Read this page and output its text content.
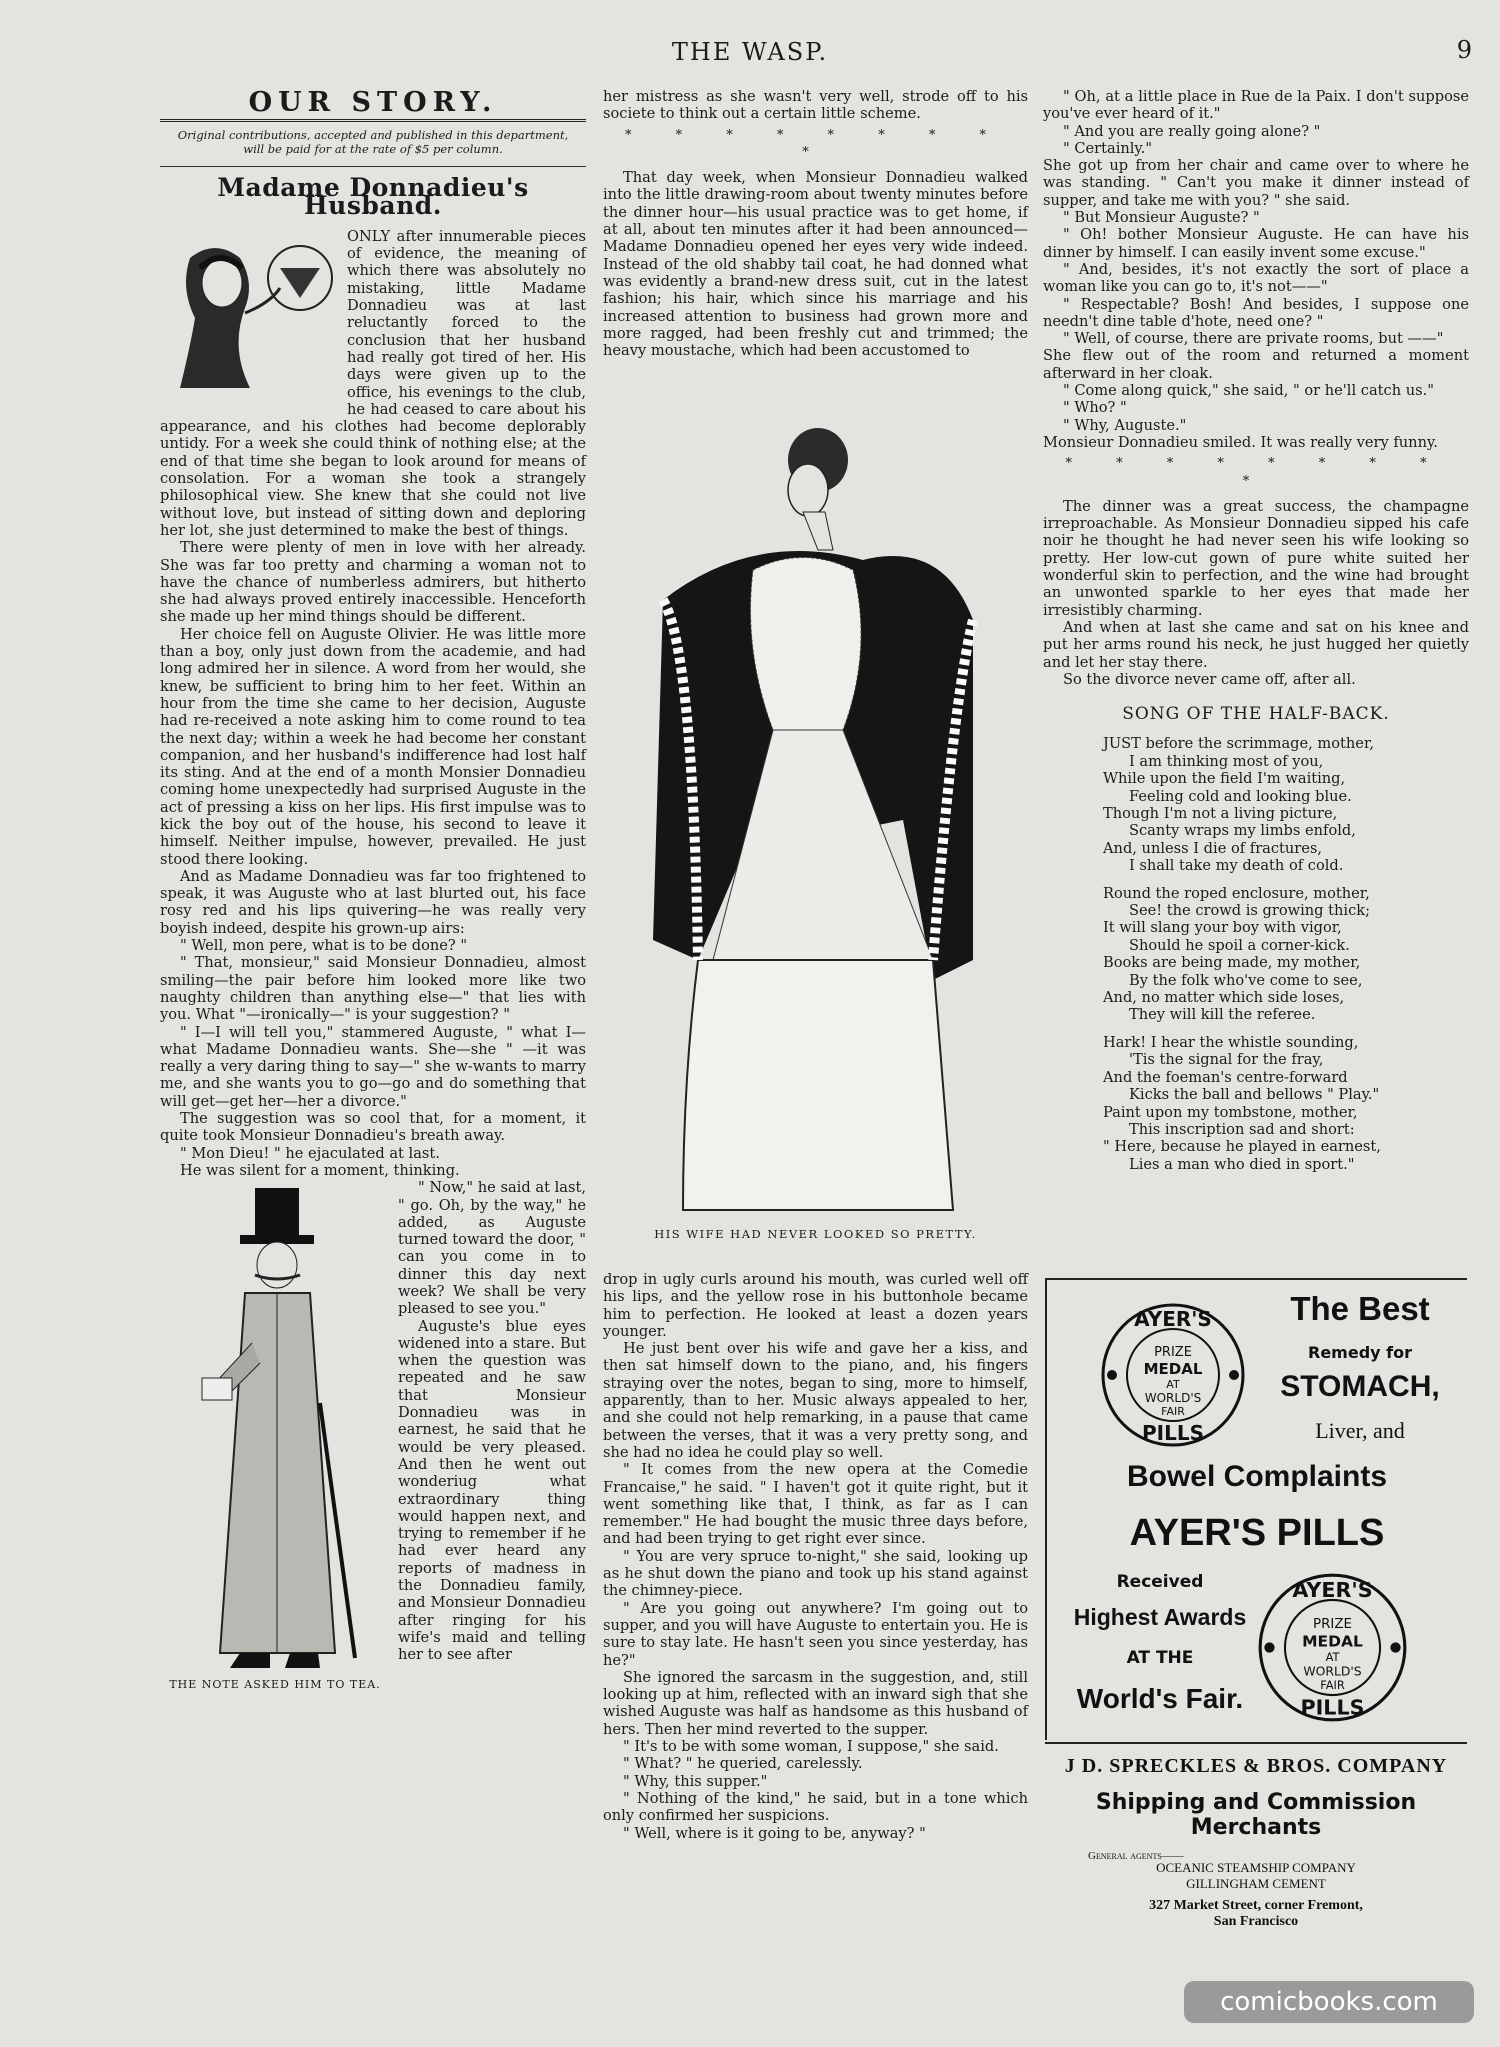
THE WASP.	9
OUR STORY.
Original contributions, accepted and published in this department,
will be paid for at the rate of $5 per column.
Madame Donnadieu's Husband.

ONLY after innumerable pieces of evidence, the meaning of which there was absolutely no mistaking, little Madame Donnadieu was at last reluctantly forced to the conclusion that her husband had really got tired of her. His days were given up to the office, his evenings to the club, he had ceased to care about his appearance, and his clothes had become deplorably untidy. For a week she could think of nothing else; at the end of that time she began to look around for means of consolation. For a woman she took a strangely philosophical view. She knew that she could not live without love, but instead of sitting down and deploring her lot, she just determined to make the best of things.

There were plenty of men in love with her already. She was far too pretty and charming a woman not to have the chance of numberless admirers, but hitherto she had always proved entirely inaccessible. Henceforth she made up her mind things should be different.

Her choice fell on Auguste Olivier. He was little more than a boy, only just down from the academie, and had long admired her in silence. A word from her would, she knew, be sufficient to bring him to her feet. Within an hour from the time she came to her decision, Auguste had re-received a note asking him to come round to tea the next day; within a week he had become her constant companion, and her husband's indifference had lost half its sting. And at the end of a month Monsier Donnadieu coming home unexpectedly had surprised Auguste in the act of pressing a kiss on her lips. His first impulse was to kick the boy out of the house, his second to leave it himself. Neither impulse, however, prevailed. He just stood there looking.

And as Madame Donnadieu was far too frightened to speak, it was Auguste who at last blurted out, his face rosy red and his lips quivering—he was really very boyish indeed, despite his grown-up airs:

" Well, mon pere, what is to be done? "

" That, monsieur," said Monsieur Donnadieu, almost smiling—the pair before him looked more like two naughty children than anything else—" that lies with you. What "—ironically—" is your suggestion? "

" I—I will tell you," stammered Auguste, " what I—what Madame Donnadieu wants. She—she " —it was really a very daring thing to say—" she w-wants to marry me, and she wants you to go—go and do something that will get—get her—her a divorce."

The suggestion was so cool that, for a moment, it quite took Monsieur Donnadieu's breath away.

" Mon Dieu! " he ejaculated at last.

He was silent for a moment, thinking.

THE NOTE ASKED HIM TO TEA.

" Now," he said at last, " go. Oh, by the way," he added, as Auguste turned toward the door, " can you come in to dinner this day next week? We shall be very pleased to see you."

Auguste's blue eyes widened into a stare. But when the question was repeated and he saw that Monsieur Donnadieu was in earnest, he said that he would be very pleased. And then he went out wonderiug what extraordinary thing would happen next, and trying to remember if he had ever heard any reports of madness in the Donnadieu family, and Monsieur Donnadieu after ringing for his wife's maid and telling her to see after

her mistress as she wasn't very well, strode off to his societe to think out a certain little scheme.

* * * * * * * * *

That day week, when Monsieur Donnadieu walked into the little drawing-room about twenty minutes before the dinner hour—his usual practice was to get home, if at all, about ten minutes after it had been announced—Madame Donnadieu opened her eyes very wide indeed. Instead of the old shabby tail coat, he had donned what was evidently a brand-new dress suit, cut in the latest fashion; his hair, which since his marriage and his increased attention to business had grown more and more ragged, had been freshly cut and trimmed; the heavy moustache, which had been accustomed to

HIS WIFE HAD NEVER LOOKED SO PRETTY.

drop in ugly curls around his mouth, was curled well off his lips, and the yellow rose in his buttonhole became him to perfection. He looked at least a dozen years younger.

He just bent over his wife and gave her a kiss, and then sat himself down to the piano, and, his fingers straying over the notes, began to sing, more to himself, apparently, than to her. Music always appealed to her, and she could not help remarking, in a pause that came between the verses, that it was a very pretty song, and she had no idea he could play so well.

" It comes from the new opera at the Comedie Francaise," he said. " I haven't got it quite right, but it went something like that, I think, as far as I can remember." He had bought the music three days before, and had been trying to get right ever since.

" You are very spruce to-night," she said, looking up as he shut down the piano and took up his stand against the chimney-piece.

" Are you going out anywhere? I'm going out to supper, and you will have Auguste to entertain you. He is sure to stay late. He hasn't seen you since yesterday, has he?"

She ignored the sarcasm in the suggestion, and, still looking up at him, reflected with an inward sigh that she wished Auguste was half as handsome as this husband of hers. Then her mind reverted to the supper.

" It's to be with some woman, I suppose," she said.

" What? " he queried, carelessly.

" Why, this supper."

" Nothing of the kind," he said, but in a tone which only confirmed her suspicions.

" Well, where is it going to be, anyway? "

" Oh, at a little place in Rue de la Paix. I don't suppose you've ever heard of it."

" And you are really going alone? "

" Certainly."

She got up from her chair and came over to where he was standing. " Can't you make it dinner instead of supper, and take me with you? " she said.

" But Monsieur Auguste? "

" Oh! bother Monsieur Auguste. He can have his dinner by himself. I can easily invent some excuse."

" And, besides, it's not exactly the sort of place a woman like you can go to, it's not——"

" Respectable? Bosh! And besides, I suppose one needn't dine table d'hote, need one? "

" Well, of course, there are private rooms, but ——"

She flew out of the room and returned a moment afterward in her cloak.

" Come along quick," she said, " or he'll catch us."

" Who? "

" Why, Auguste."

Monsieur Donnadieu smiled. It was really very funny.

* * * * * * * * *

The dinner was a great success, the champagne irreproachable. As Monsieur Donnadieu sipped his cafe noir he thought he had never seen his wife looking so pretty. Her low-cut gown of pure white suited her wonderful skin to perfection, and the wine had brought an unwonted sparkle to her eyes that made her irresistibly charming.

And when at last she came and sat on his knee and put her arms round his neck, he just hugged her quietly and let her stay there.

So the divorce never came off, after all.

SONG OF THE HALF-BACK.
JUST before the scrimmage, mother,
I am thinking most of you,
While upon the field I'm waiting,
Feeling cold and looking blue.
Though I'm not a living picture,
Scanty wraps my limbs enfold,
And, unless I die of fractures,
I shall take my death of cold.
Round the roped enclosure, mother,
See! the crowd is growing thick;
It will slang your boy with vigor,
Should he spoil a corner-kick.
Books are being made, my mother,
By the folk who've come to see,
And, no matter which side loses,
They will kill the referee.
Hark! I hear the whistle sounding,
'Tis the signal for the fray,
And the foeman's centre-forward
Kicks the ball and bellows " Play."
Paint upon my tombstone, mother,
This inscription sad and short:
" Here, because he played in earnest,
Lies a man who died in sport."
AYER'S
PRIZE
MEDAL
AT
WORLD'S
FAIR
PILLS
The Best
Remedy for
STOMACH,
Liver, and
Bowel Complaints
AYER'S PILLS
Received
Highest Awards
AT THE
World's Fair.
AYER'S
PRIZE
MEDAL
AT
WORLD'S
FAIR
PILLS
J D. SPRECKLES & BROS. COMPANY
Shipping and Commission Merchants
General agents——
OCEANIC STEAMSHIP COMPANY
GILLINGHAM CEMENT
327 Market Street, corner Fremont,
San Francisco
comicbooks.com
